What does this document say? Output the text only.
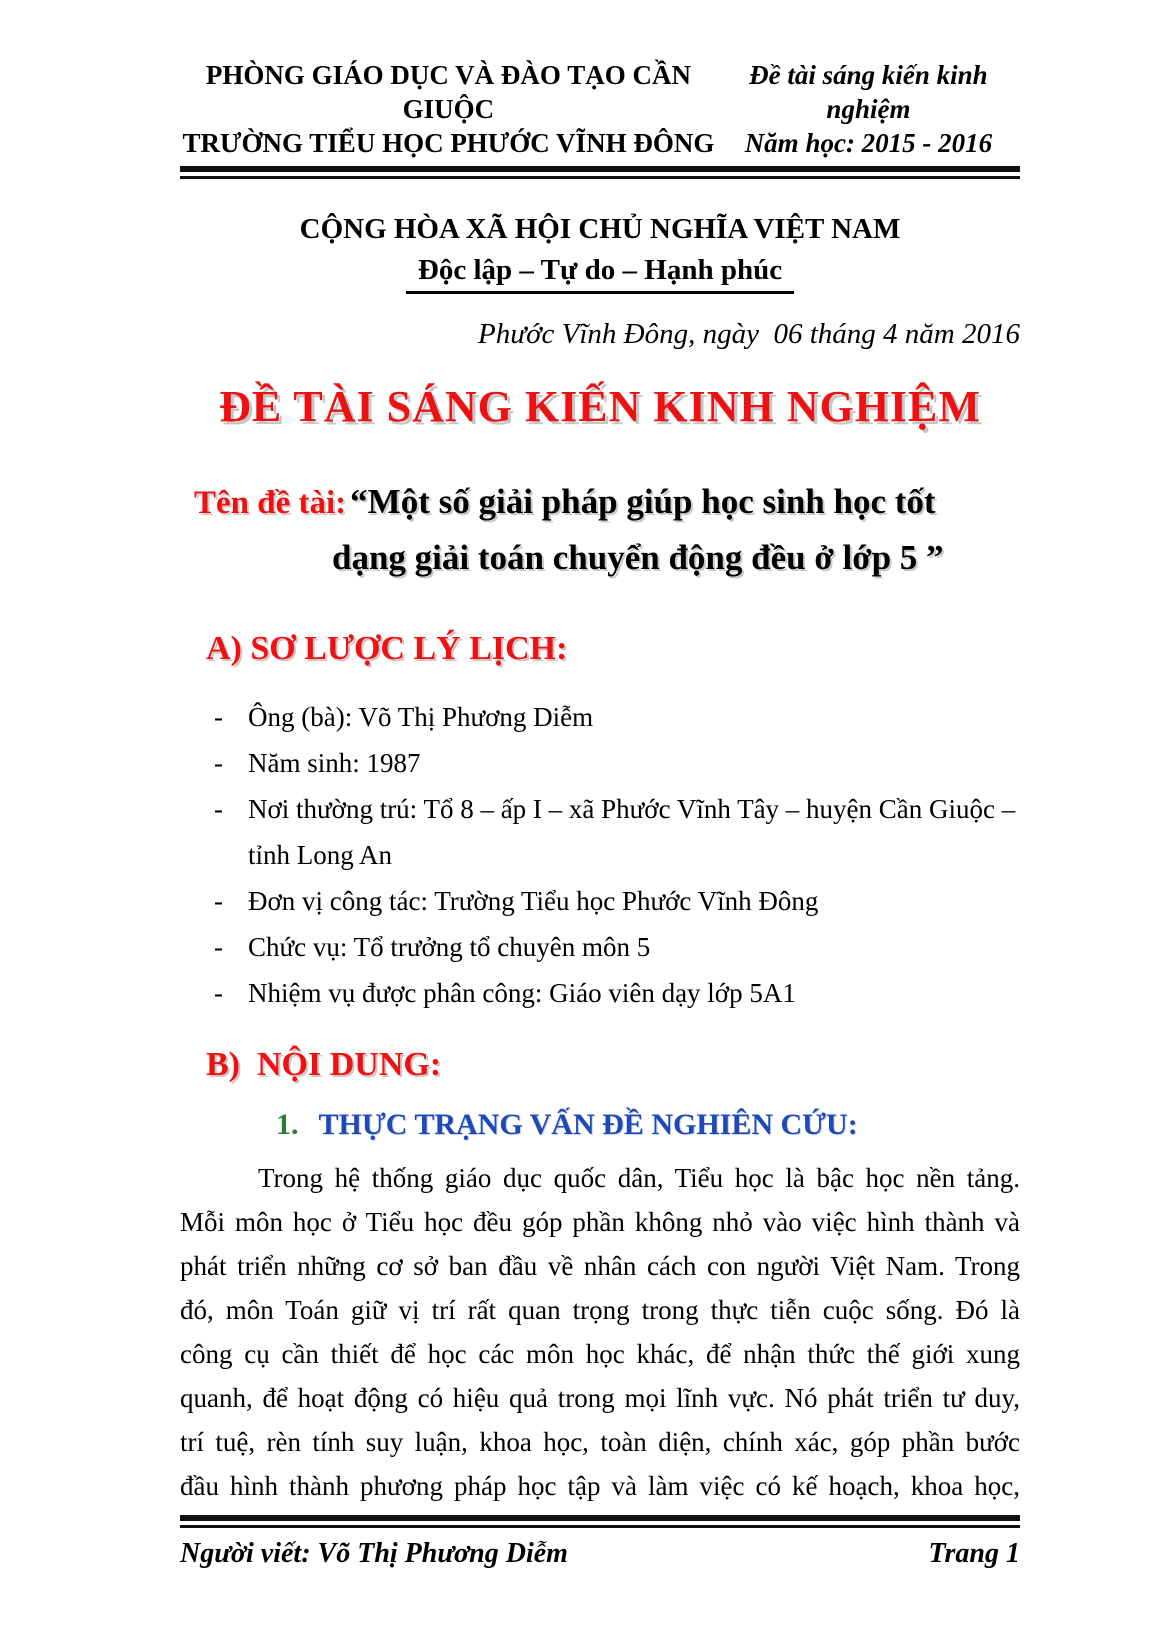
PHÒNG GIÁO DỤC VÀ ĐÀO TẠO CẦN GIUỘC
TRƯỜNG TIỂU HỌC PHƯỚC VĨNH ĐÔNG
Đề tài sáng kiến kinh nghiệm
Năm học: 2015 - 2016
CỘNG HÒA XÃ HỘI CHỦ NGHĨA VIỆT NAM
Độc lập – Tự do – Hạnh phúc
Phước Vĩnh Đông, ngày  06 tháng 4 năm 2016
ĐỀ TÀI SÁNG KIẾN KINH NGHIỆM
Tên đề tài: “Một số giải pháp giúp học sinh học tốt
dạng giải toán chuyển động đều ở lớp 5 ”
A) SƠ LƯỢC LÝ LỊCH:
- Ông (bà): Võ Thị Phương Diễm
- Năm sinh: 1987
- Nơi thường trú: Tổ 8 – ấp I – xã Phước Vĩnh Tây – huyện Cần Giuộc – tỉnh Long An
- Đơn vị công tác: Trường Tiểu học Phước Vĩnh Đông
- Chức vụ: Tổ trưởng tổ chuyên môn 5
- Nhiệm vụ được phân công: Giáo viên dạy lớp 5A1
B)  NỘI DUNG:
1. THỰC TRẠNG VẤN ĐỀ NGHIÊN CỨU:
Trong hệ thống giáo dục quốc dân, Tiểu học là bậc học nền tảng.
Mỗi môn học ở Tiểu học đều góp phần không nhỏ vào việc hình thành và
phát triển những cơ sở ban đầu về nhân cách con người Việt Nam. Trong
đó, môn Toán giữ vị trí rất quan trọng trong thực tiễn cuộc sống. Đó là
công cụ cần thiết để học các môn học khác, để nhận thức thế giới xung
quanh, để hoạt động có hiệu quả trong mọi lĩnh vực. Nó phát triển tư duy,
trí tuệ, rèn tính suy luận, khoa học, toàn diện, chính xác, góp phần bước
đầu hình thành phương pháp học tập và làm việc có kế hoạch, khoa học,
Người viết: Võ Thị Phương Diễm	Trang 1
